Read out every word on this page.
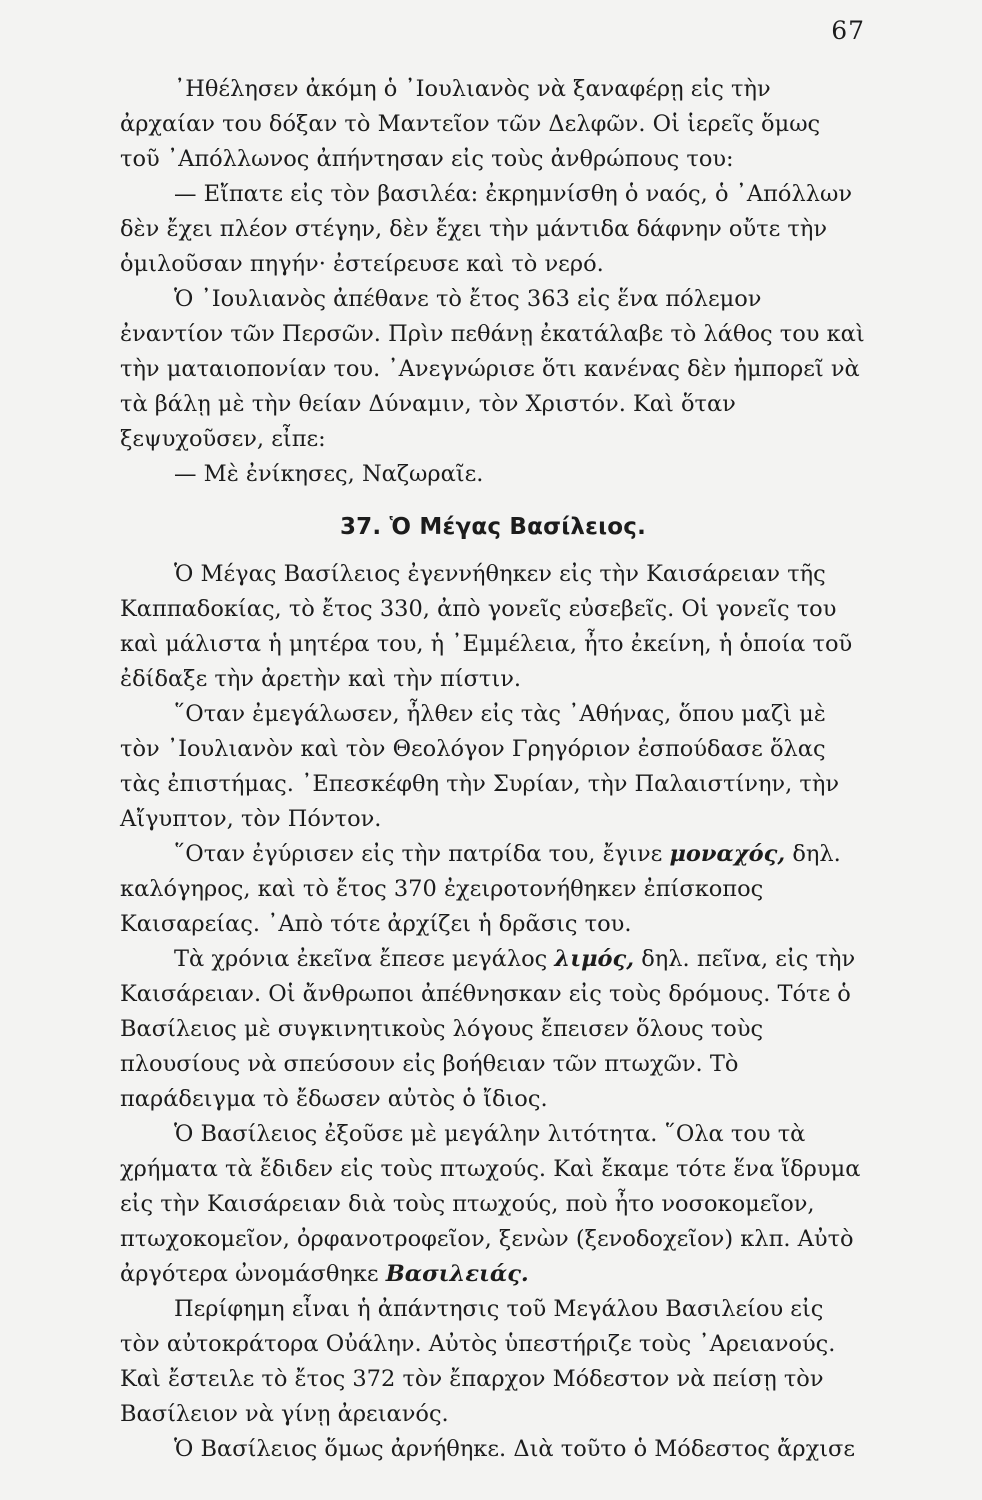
67

᾿Ηθέλησεν ἀκόμη ὁ ᾿Ιουλιανὸς νὰ ξαναφέρῃ εἰς τὴν ἀρχαίαν του δόξαν τὸ Μαντεῖον τῶν Δελφῶν. Οἱ ἱερεῖς ὅμως τοῦ ᾿Απόλλωνος ἀπήντησαν εἰς τοὺς ἀνθρώπους του:

— Εἴπατε εἰς τὸν βασιλέα: ἐκρημνίσθη ὁ ναός, ὁ ᾿Απόλλων δὲν ἔχει πλέον στέγην, δὲν ἔχει τὴν μάντιδα δάφνην οὔτε τὴν ὁμιλοῦσαν πηγήν· ἐστείρευσε καὶ τὸ νερό.

Ὁ ᾿Ιουλιανὸς ἀπέθανε τὸ ἔτος 363 εἰς ἕνα πόλεμον ἐναντίον τῶν Περσῶν. Πρὶν πεθάνῃ ἐκατάλαβε τὸ λάθος του καὶ τὴν ματαιοπονίαν του. ᾿Ανεγνώρισε ὅτι κανένας δὲν ἠμπορεῖ νὰ τὰ βάλῃ μὲ τὴν θείαν Δύναμιν, τὸν Χριστόν. Καὶ ὅταν ξεψυχοῦσεν, εἶπε:

— Μὲ ἐνίκησες, Ναζωραῖε.

37. Ὁ Μέγας Βασίλειος.

Ὁ Μέγας Βασίλειος ἐγεννήθηκεν εἰς τὴν Καισάρειαν τῆς Καππαδοκίας, τὸ ἔτος 330, ἀπὸ γονεῖς εὐσεβεῖς. Οἱ γονεῖς του καὶ μάλιστα ἡ μητέρα του, ἡ ᾿Εμμέλεια, ἦτο ἐκείνη, ἡ ὁποία τοῦ ἐδίδαξε τὴν ἀρετὴν καὶ τὴν πίστιν.

῞Οταν ἐμεγάλωσεν, ἦλθεν εἰς τὰς ᾿Αθήνας, ὅπου μαζὶ μὲ τὸν ᾿Ιουλιανὸν καὶ τὸν Θεολόγον Γρηγόριον ἐσπούδασε ὅλας τὰς ἐπιστήμας. ᾿Επεσκέφθη τὴν Συρίαν, τὴν Παλαιστίνην, τὴν Αἴγυπτον, τὸν Πόντον.

῞Οταν ἐγύρισεν εἰς τὴν πατρίδα του, ἔγινε μοναχός, δηλ. καλόγηρος, καὶ τὸ ἔτος 370 ἐχειροτονήθηκεν ἐπίσκοπος Καισαρείας. ᾿Απὸ τότε ἀρχίζει ἡ δρᾶσις του.

Τὰ χρόνια ἐκεῖνα ἔπεσε μεγάλος λιμός, δηλ. πεῖνα, εἰς τὴν Καισάρειαν. Οἱ ἄνθρωποι ἀπέθνησκαν εἰς τοὺς δρόμους. Τότε ὁ Βασίλειος μὲ συγκινητικοὺς λόγους ἔπεισεν ὅλους τοὺς πλουσίους νὰ σπεύσουν εἰς βοήθειαν τῶν πτωχῶν. Τὸ παράδειγμα τὸ ἔδωσεν αὐτὸς ὁ ἴδιος.

Ὁ Βασίλειος ἐξοῦσε μὲ μεγάλην λιτότητα. ῞Ολα του τὰ χρήματα τὰ ἔδιδεν εἰς τοὺς πτωχούς. Καὶ ἔκαμε τότε ἕνα ἵδρυμα εἰς τὴν Καισάρειαν διὰ τοὺς πτωχούς, ποὺ ἦτο νοσοκομεῖον, πτωχοκομεῖον, ὀρφανοτροφεῖον, ξενὼν (ξενοδοχεῖον) κλπ. Αὐτὸ ἀργότερα ὠνομάσθηκε Βασιλειάς.

Περίφημη εἶναι ἡ ἀπάντησις τοῦ Μεγάλου Βασιλείου εἰς τὸν αὐτοκράτορα Οὐάλην. Αὐτὸς ὑπεστήριζε τοὺς ᾿Αρειανούς. Καὶ ἔστειλε τὸ ἔτος 372 τὸν ἔπαρχον Μόδεστον νὰ πείσῃ τὸν Βασίλειον νὰ γίνῃ ἀρειανός.

Ὁ Βασίλειος ὅμως ἀρνήθηκε. Διὰ τοῦτο ὁ Μόδεστος ἄρχισε
